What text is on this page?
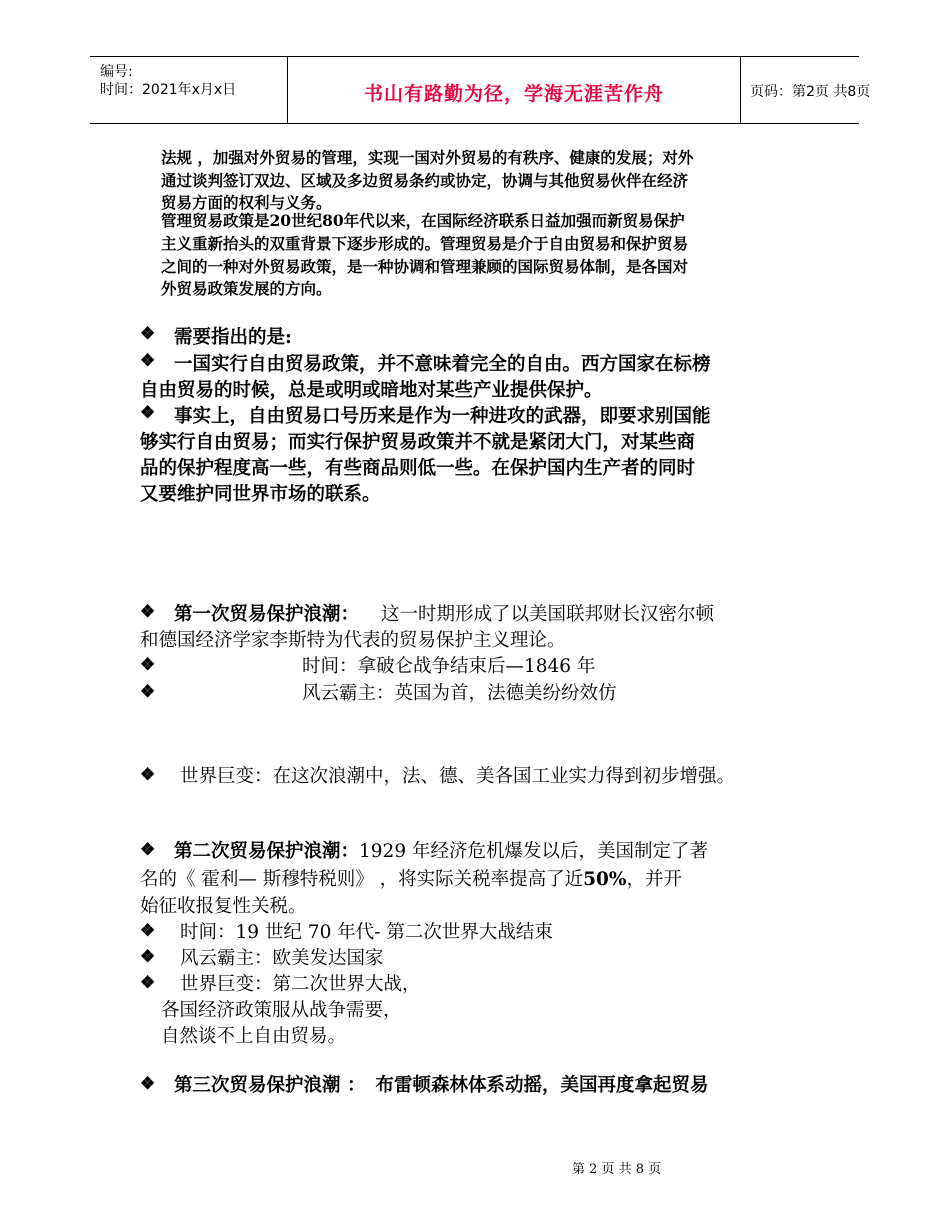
编号:
时间：2021年x月x日	书山有路勤为径，学海无涯苦作舟	页码：第2页 共8页
法规 ，加强对外贸易的管理，实现一国对外贸易的有秩序、健康的发展；对外
通过谈判签订双边、区域及多边贸易条约或协定，协调与其他贸易伙伴在经济
贸易方面的权利与义务。
管理贸易政策是20世纪80年代以来，在国际经济联系日益加强而新贸易保护
主义重新抬头的双重背景下逐步形成的。管理贸易是介于自由贸易和保护贸易
之间的一种对外贸易政策，是一种协调和管理兼顾的国际贸易体制，是各国对
外贸易政策发展的方向。
❖ 需要指出的是:
❖ 一国实行自由贸易政策，并不意味着完全的自由。西方国家在标榜
自由贸易的时候，总是或明或暗地对某些产业提供保护。
❖ 事实上，自由贸易口号历来是作为一种进攻的武器，即要求别国能
够实行自由贸易；而实行保护贸易政策并不就是紧闭大门，对某些商
品的保护程度高一些，有些商品则低一些。在保护国内生产者的同时
又要维护同世界市场的联系。
❖ 第一次贸易保护浪潮： 这一时期形成了以美国联邦财长汉密尔顿
和德国经济学家李斯特为代表的贸易保护主义理论。
❖	时间：拿破仑战争结束后—1846 年
❖	风云霸主：英国为首，法德美纷纷效仿
❖ 世界巨变：在这次浪潮中，法、德、美各国工业实力得到初步增强。
❖ 第二次贸易保护浪潮：1929 年经济危机爆发以后，美国制定了著
名的《 霍利— 斯穆特税则》 ，将实际关税率提高了近50%，并开
始征收报复性关税。
❖ 时间：19 世纪 70 年代- 第二次世界大战结束
❖ 风云霸主：欧美发达国家
❖ 世界巨变：第二次世界大战，
各国经济政策服从战争需要，
自然谈不上自由贸易。
❖ 第三次贸易保护浪潮 ： 布雷顿森林体系动摇，美国再度拿起贸易
第 2 页 共 8 页
